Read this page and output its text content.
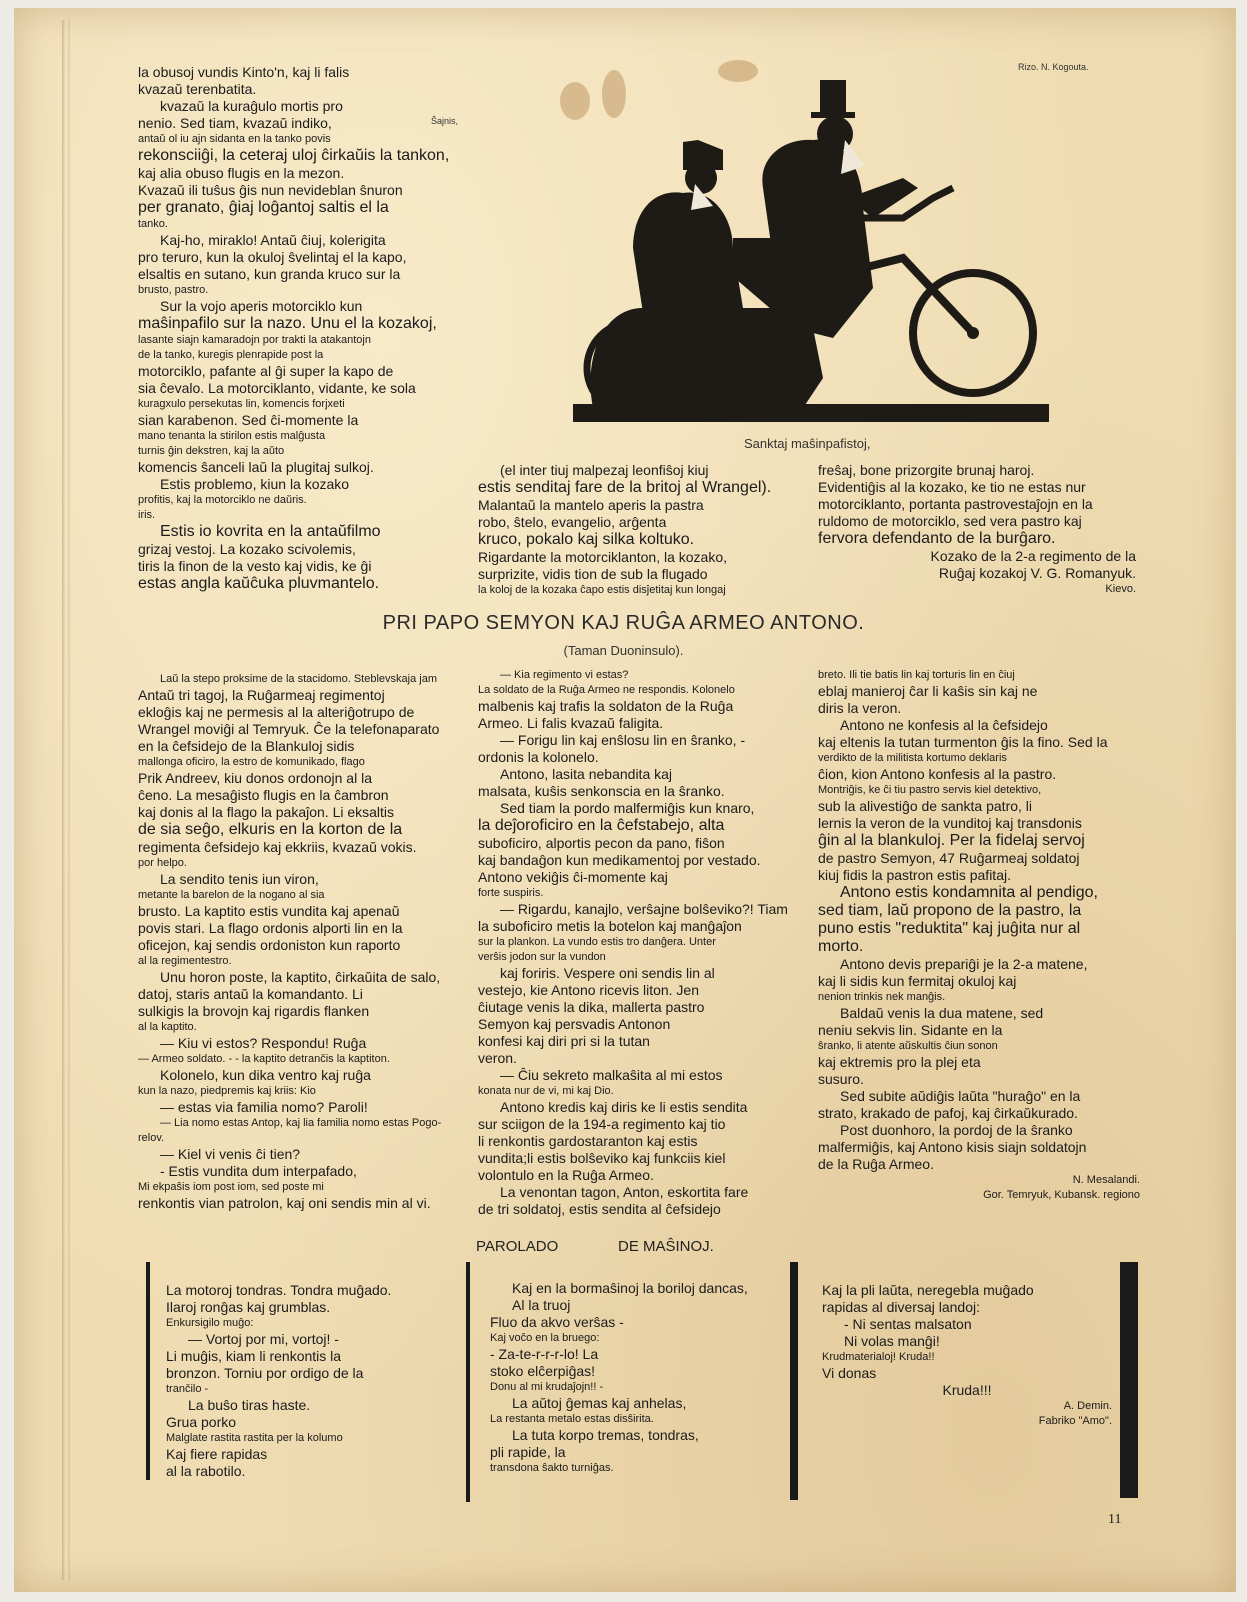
Rizo. N. Kogouta.
Ŝajnis,
Sanktaj maŝinpafistoj,

la obusoj vundis Kinto'n, kaj li falis

kvazaŭ terenbatita.

kvazaŭ la kuraĝulo mortis pro

nenio. Sed tiam, kvazaŭ indiko,

antaŭ ol iu ajn sidanta en la tanko povis

rekonsciiĝi, la ceteraj uloj ĉirkaŭis la tankon,

kaj alia obuso flugis en la mezon.

Kvazaŭ ili tuŝus ĝis nun nevideblan ŝnuron

per granato, ĝiaj loĝantoj saltis el la

tanko.

Kaj-ho, miraklo! Antaŭ ĉiuj, kolerigita

pro teruro, kun la okuloj ŝvelintaj el la kapo,

elsaltis en sutano, kun granda kruco sur la

brusto, pastro.

Sur la vojo aperis motorciklo kun

maŝinpafilo sur la nazo. Unu el la kozakoj,

lasante siajn kamaradojn por trakti la atakantojn

de la tanko, kuregis plenrapide post la

motorciklo, pafante al ĝi super la kapo de

sia ĉevalo. La motorciklanto, vidante, ke sola

kuragxulo persekutas lin, komencis forjxeti

sian karabenon. Sed ĉi-momente la

mano tenanta la stirilon estis malĝusta

turnis ĝin dekstren, kaj la aŭto

komencis ŝanceli laŭ la plugitaj sulkoj.

Estis problemo, kiun la kozako

profitis, kaj la motorciklo ne daŭris.

iris.

Estis io kovrita en la antaŭfilmo

grizaj vestoj. La kozako scivolemis,

tiris la finon de la vesto kaj vidis, ke ĝi

estas angla kaŭĉuka pluvmantelo.

(el inter tiuj malpezaj leonfiŝoj kiuj

estis senditaj fare de la britoj al Wrangel).

Malantaŭ la mantelo aperis la pastra

robo, ŝtelo, evangelio, arĝenta

kruco, pokalo kaj silka koltuko.

Rigardante la motorciklanton, la kozako,

surprizite, vidis tion de sub la flugado

la koloj de la kozaka ĉapo estis disĵetitaj kun longaj

freŝaj, bone prizorgite brunaj haroj.

Evidentiĝis al la kozako, ke tio ne estas nur

motorciklanto, portanta pastrovestaĵojn en la

ruldomo de motorciklo, sed vera pastro kaj

fervora defendanto de la burĝaro.

Kozako de la 2-a regimento de la

Ruĝaj kozakoj V. G. Romanyuk.

Kievo.

PRI PAPO SEMYON KAJ RUĜA ARMEO ANTONO.
(Taman Duoninsulo).

Laŭ la stepo proksime de la stacidomo. Steblevskaja jam

Antaŭ tri tagoj, la Ruĝarmeaj regimentoj

ekloĝis kaj ne permesis al la alteriĝotrupo de

Wrangel moviĝi al Temryuk. Ĉe la telefonaparato

en la ĉefsidejo de la Blankuloj sidis

mallonga oficiro, la estro de komunikado, flago

Prik Andreev, kiu donos ordonojn al la

ĉeno. La mesaĝisto flugis en la ĉambron

kaj donis al la flago la pakaĵon. Li eksaltis

de sia seĝo, elkuris en la korton de la

regimenta ĉefsidejo kaj ekkriis, kvazaŭ vokis.

por helpo.

La sendito tenis iun viron,

metante la barelon de la nogano al sia

brusto. La kaptito estis vundita kaj apenaŭ

povis stari. La flago ordonis alporti lin en la

oficejon, kaj sendis ordoniston kun raporto

al la regimentestro.

Unu horon poste, la kaptito, ĉirkaŭita de salo,

datoj, staris antaŭ la komandanto. Li

sulkigis la brovojn kaj rigardis flanken

al la kaptito.

— Kiu vi estos? Respondu! Ruĝa

— Armeo soldato. - - la kaptito detrančis la kaptiton.

Kolonelo, kun dika ventro kaj ruĝa

kun la nazo, piedpremis kaj kriis: Kio

— estas via familia nomo? Paroli!

— Lia nomo estas Antop, kaj lia familia nomo estas Pogo-

relov.

— Kiel vi venis ĉi tien?

- Estis vundita dum interpafado,

Mi ekpaŝis iom post iom, sed poste mi

renkontis vian patrolon, kaj oni sendis min al vi.

— Kia regimento vi estas?

La soldato de la Ruĝa Armeo ne respondis. Kolonelo

malbenis kaj trafis la soldaton de la Ruĝa

Armeo. Li falis kvazaŭ faligita.

— Forigu lin kaj enŝlosu lin en ŝranko, -

ordonis la kolonelo.

Antono, lasita nebandita kaj

malsata, kuŝis senkonscia en la ŝranko.

Sed tiam la pordo malfermiĝis kun knaro,

la deĵoroficiro en la ĉefstabejo, alta

suboficiro, alportis pecon da pano, fiŝon

kaj bandaĝon kun medikamentoj por vestado.

Antono vekiĝis ĉi-momente kaj

forte suspiris.

— Rigardu, kanajlo, verŝajne bolŝeviko?! Tiam

la suboficiro metis la botelon kaj manĝaĵon

sur la plankon. La vundo estis tro danĝera. Unter

verŝis jodon sur la vundon

kaj foriris. Vespere oni sendis lin al

vestejo, kie Antono ricevis liton. Jen

ĉiutage venis la dika, mallerta pastro

Semyon kaj persvadis Antonon

konfesi kaj diri pri si la tutan

veron.

— Ĉiu sekreto malkaŝita al mi estos

konata nur de vi, mi kaj Dio.

Antono kredis kaj diris ke li estis sendita

sur sciigon de la 194-a regimento kaj tio

li renkontis gardostaranton kaj estis

vundita;li estis bolŝeviko kaj funkciis kiel

volontulo en la Ruĝa Armeo.

La venontan tagon, Anton, eskortita fare

de tri soldatoj, estis sendita al ĉefsidejo

breto. Ili tie batis lin kaj torturis lin en ĉiuj

eblaj manieroj ĉar li kaŝis sin kaj ne

diris la veron.

Antono ne konfesis al la ĉefsidejo

kaj eltenis la tutan turmenton ĝis la fino. Sed la

verdikto de la militista kortumo deklaris

ĉion, kion Antono konfesis al la pastro.

Montriĝis, ke ĉi tiu pastro servis kiel detektivo,

sub la alivestiĝo de sankta patro, li

lernis la veron de la vunditoj kaj transdonis

ĝin al la blankuloj. Per la fidelaj servoj

de pastro Semyon, 47 Ruĝarmeaj soldatoj

kiuj fidis la pastron estis pafitaj.

Antono estis kondamnita al pendigo,

sed tiam, laŭ propono de la pastro, la

puno estis "reduktita" kaj juĝita nur al

morto.

Antono devis prepariĝi je la 2-a matene,

kaj li sidis kun fermitaj okuloj kaj

nenion trinkis nek manĝis.

Baldaŭ venis la dua matene, sed

neniu sekvis lin. Sidante en la

ŝranko, li atente aŭskultis ĉiun sonon

kaj ektremis pro la plej eta

susuro.

Sed subite aŭdiĝis laŭta "huraĝo" en la

strato, krakado de pafoj, kaj ĉirkaŭkurado.

Post duonhoro, la pordoj de la ŝranko

malfermiĝis, kaj Antono kisis siajn soldatojn

de la Ruĝa Armeo.

N. Mesalandi.

Gor. Temryuk, Kubansk. regiono

PAROLADO	DE MAŜINOJ.

La motoroj tondras. Tondra muĝado.

Ilaroj ronĝas kaj grumblas.

Enkursigilo muĝo:

— Vortoj por mi, vortoj! -

Li muĝis, kiam li renkontis la

bronzon. Torniu por ordigo de la

trančilo -

La buŝo tiras haste.

Grua porko

Malglate rastita rastita per la kolumo

Kaj fiere rapidas

al la rabotilo.

Kaj en la bormaŝinoj la boriloj dancas,

Al la truoj

Fluo da akvo verŝas -

Kaj voĉo en la bruego:

- Za-te-r-r-r-lo! La

stoko elĉerpiĝas!

Donu al mi krudaĵojn!! -

La aŭtoj ĝemas kaj anhelas,

La restanta metalo estas disŝirita.

La tuta korpo tremas, tondras,

pli rapide, la

transdona ŝakto turniĝas.

Kaj la pli laŭta, neregebla muĝado

rapidas al diversaj landoj:

- Ni sentas malsaton

Ni volas manĝi!

Krudmaterialoj! Kruda!!

Vi donas

Kruda!!!

A. Demin.

Fabriko "Amo".

11
